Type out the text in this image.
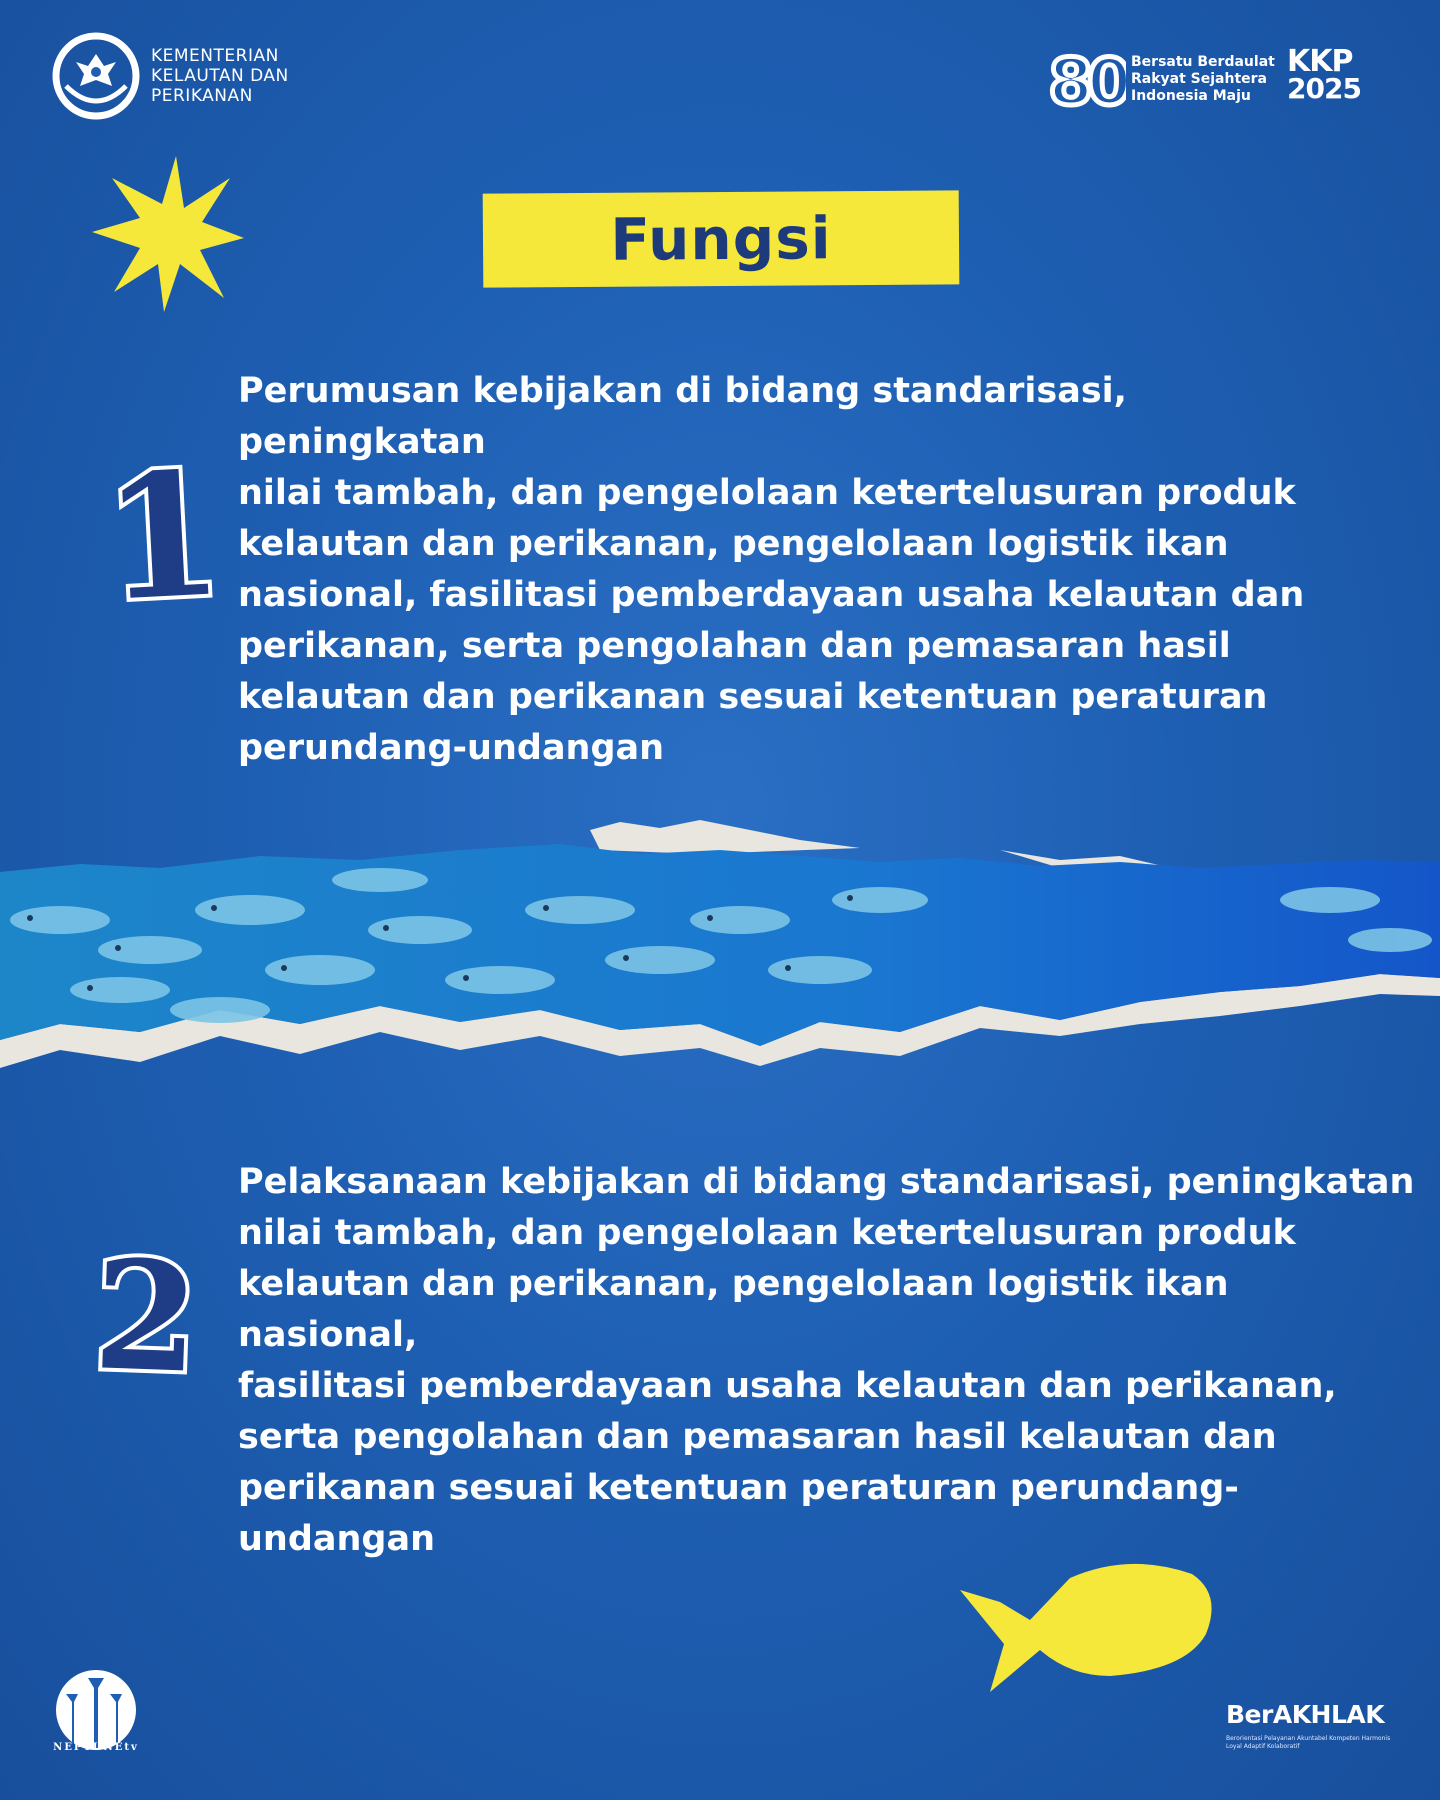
KEMENTERIAN
KELAUTAN DAN
PERIKANAN	80 Bersatu Berdaulat
Rakyat Sejahtera
Indonesia Maju
KKP
2025
Fungsi
1
Perumusan kebijakan di bidang standarisasi, peningkatan
nilai tambah, dan pengelolaan ketertelusuran produk
kelautan dan perikanan, pengelolaan logistik ikan
nasional, fasilitasi pemberdayaan usaha kelautan dan
perikanan, serta pengolahan dan pemasaran hasil
kelautan dan perikanan sesuai ketentuan peraturan
perundang-undangan
2
Pelaksanaan kebijakan di bidang standarisasi, peningkatan
nilai tambah, dan pengelolaan ketertelusuran produk
kelautan dan perikanan, pengelolaan logistik ikan nasional,
fasilitasi pemberdayaan usaha kelautan dan perikanan,
serta pengolahan dan pemasaran hasil kelautan dan
perikanan sesuai ketentuan peraturan perundang-undangan
NEPTUNEtv
BerAKHLAK
Berorientasi Pelayanan Akuntabel Kompeten Harmonis Loyal Adaptif Kolaboratif
